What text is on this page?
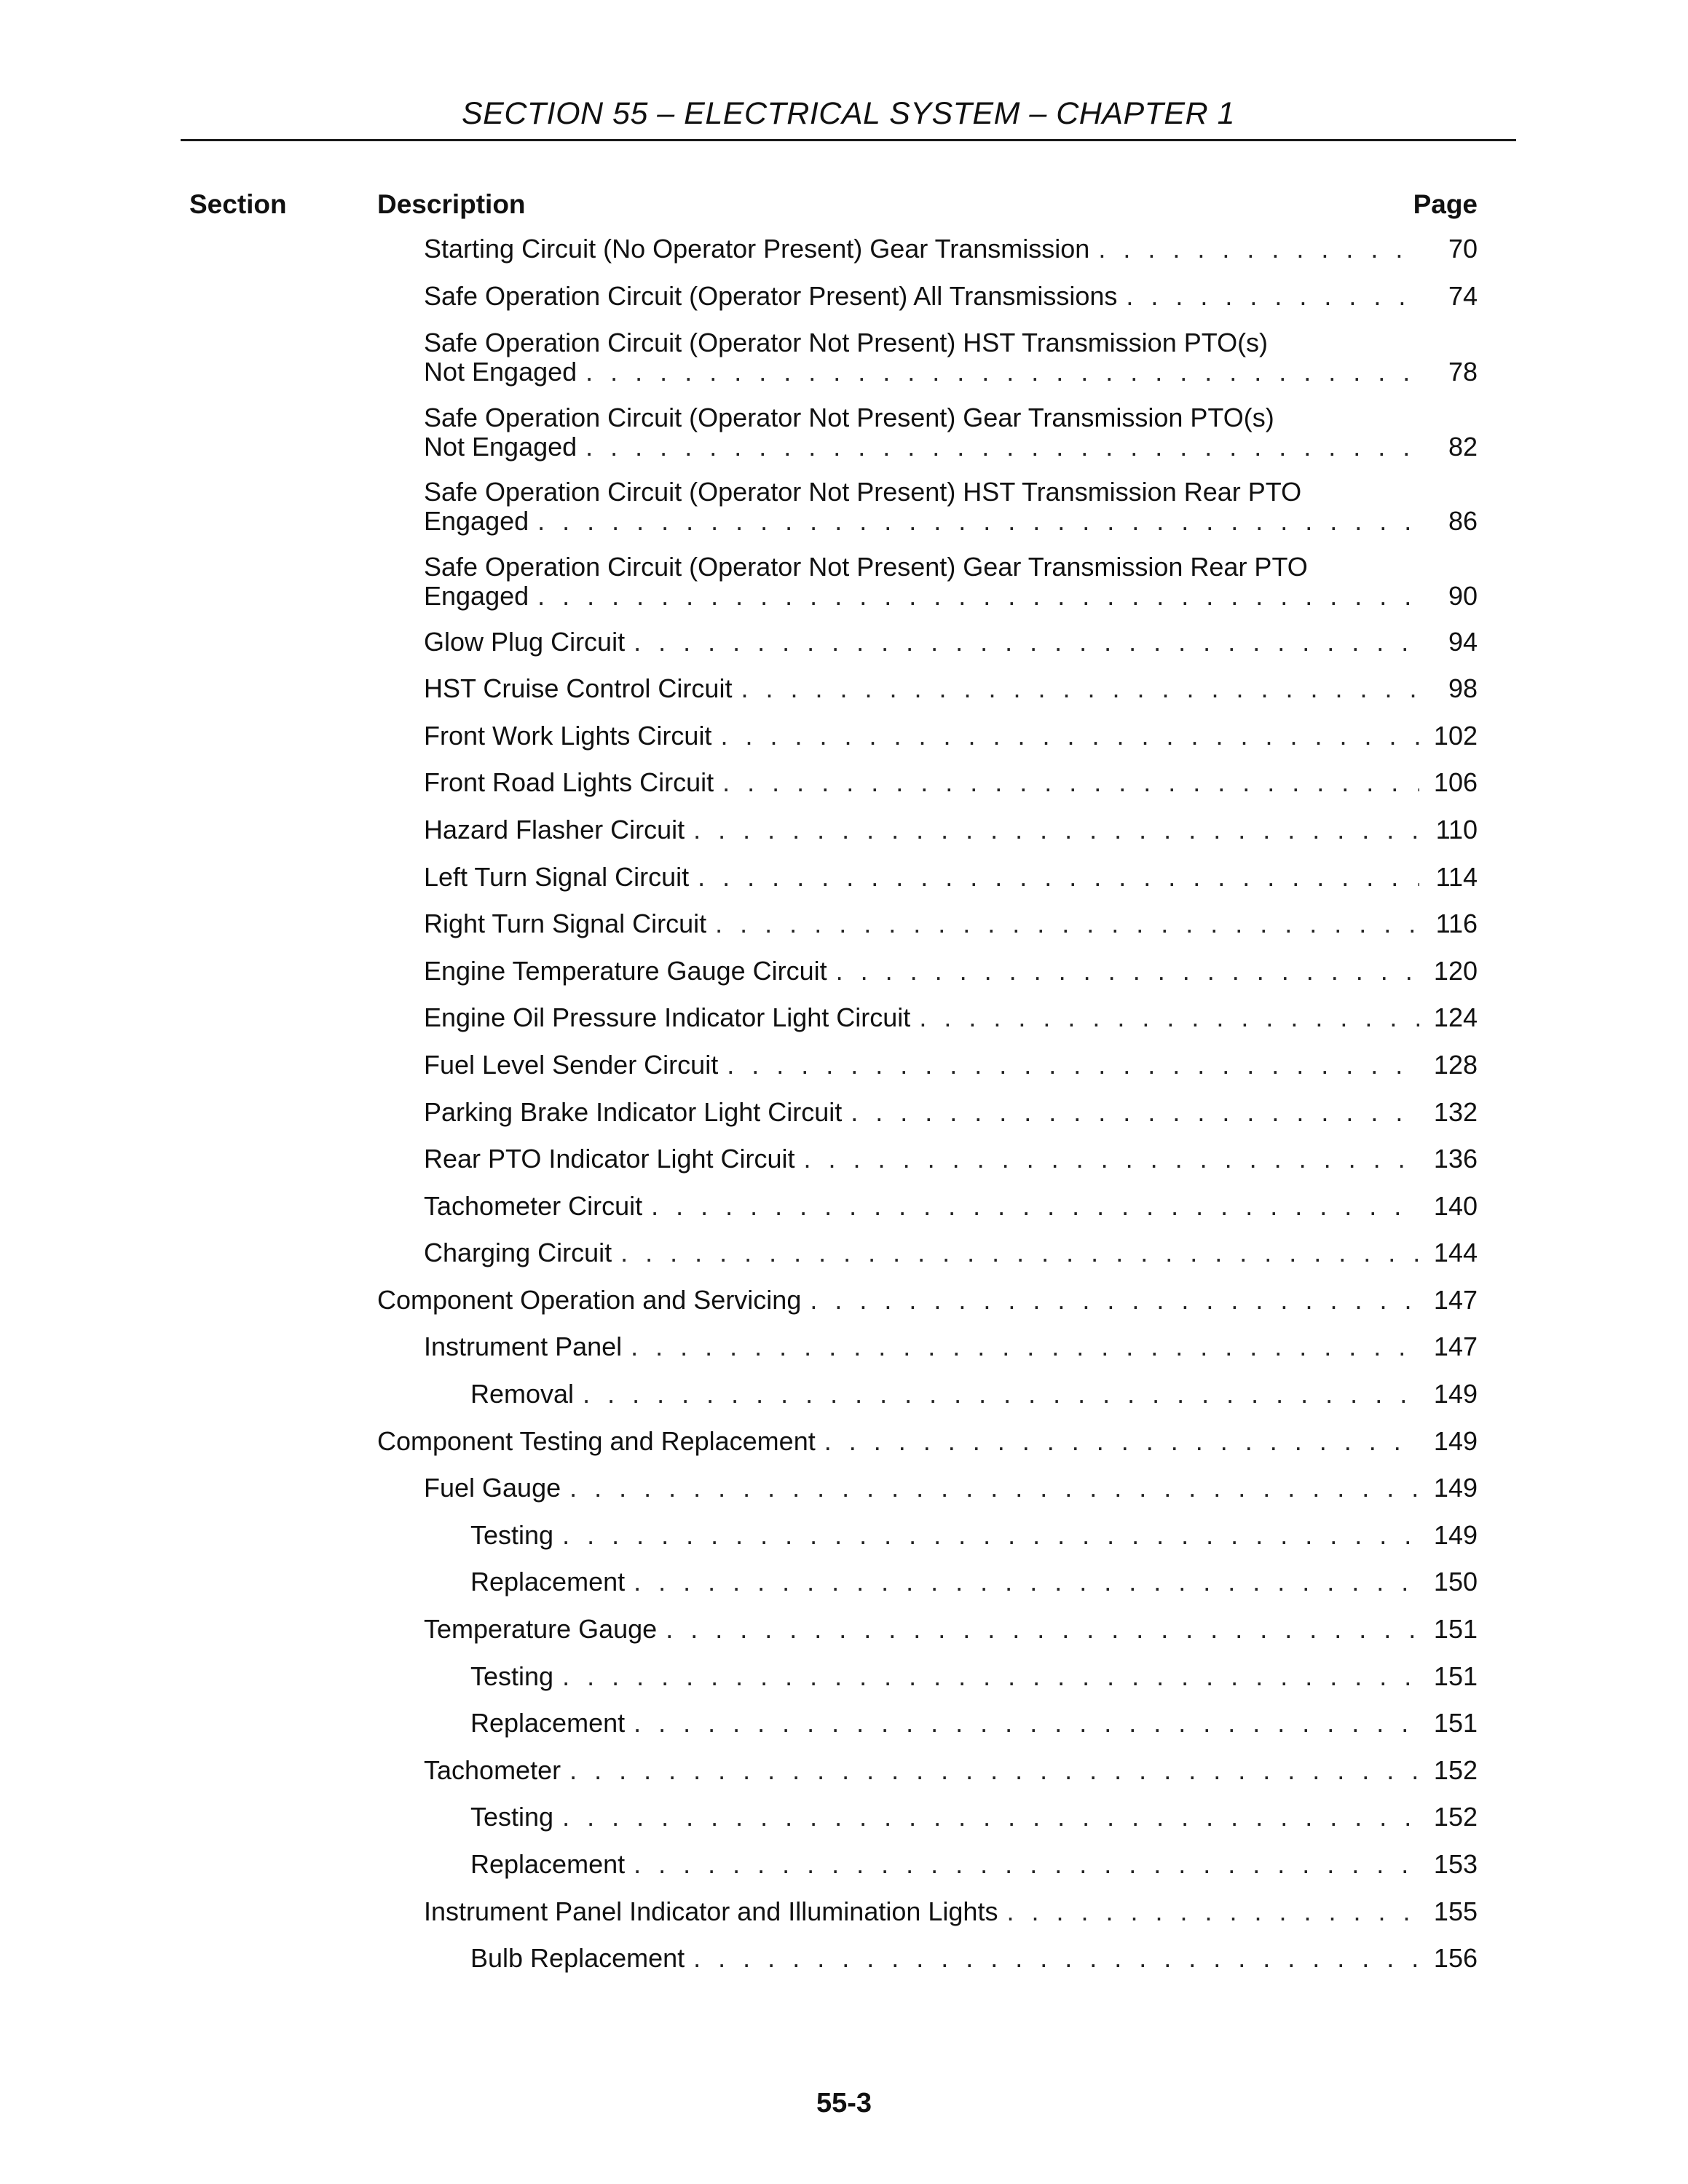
SECTION 55 – ELECTRICAL SYSTEM – CHAPTER 1
Section	Description	Page
Starting Circuit (No Operator Present) Gear Transmission . . .	70
Safe Operation Circuit (Operator Present) All Transmissions . . .	74
Safe Operation Circuit (Operator Not Present) HST Transmission PTO(s)
Not Engaged . . .	78
Safe Operation Circuit (Operator Not Present) Gear Transmission PTO(s)
Not Engaged . . .	82
Safe Operation Circuit (Operator Not Present) HST Transmission Rear PTO
Engaged . . .	86
Safe Operation Circuit (Operator Not Present) Gear Transmission Rear PTO
Engaged . . .	90
Glow Plug Circuit . . .	94
HST Cruise Control Circuit . . .	98
Front Work Lights Circuit . . .	102
Front Road Lights Circuit . . .	106
Hazard Flasher Circuit . . .	110
Left Turn Signal Circuit . . .	114
Right Turn Signal Circuit . . .	116
Engine Temperature Gauge Circuit . . .	120
Engine Oil Pressure Indicator Light Circuit . . .	124
Fuel Level Sender Circuit . . .	128
Parking Brake Indicator Light Circuit . . .	132
Rear PTO Indicator Light Circuit . . .	136
Tachometer Circuit . . .	140
Charging Circuit . . .	144
Component Operation and Servicing . . .	147
Instrument Panel . . .	147
Removal . . .	149
Component Testing and Replacement . . .	149
Fuel Gauge . . .	149
Testing . . .	149
Replacement . . .	150
Temperature Gauge . . .	151
Testing . . .	151
Replacement . . .	151
Tachometer . . .	152
Testing . . .	152
Replacement . . .	153
Instrument Panel Indicator and Illumination Lights . . .	155
Bulb Replacement . . .	156
55-3
